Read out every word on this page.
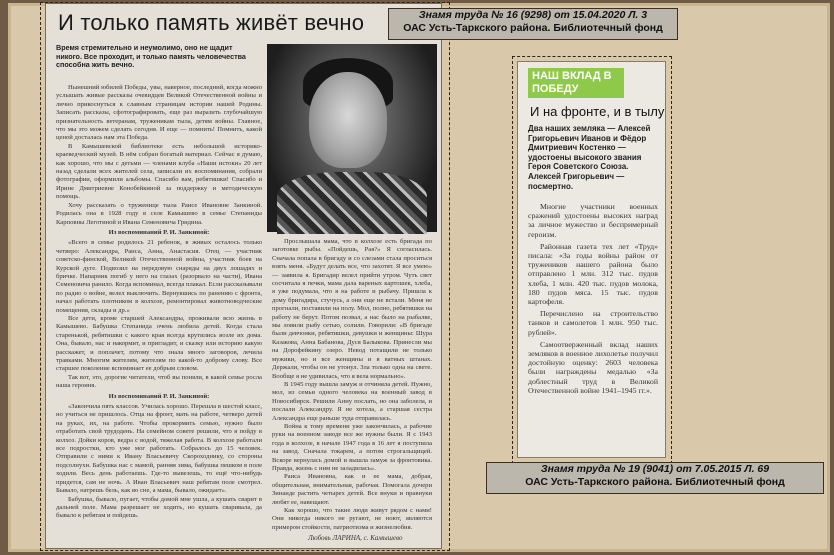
И только память живёт вечно
Время стремительно и неумолимо, оно не щадит никого. Все проходит, и только память человечества способна жить вечно.

Нынешний юбилей Победы, увы, наверное, последний, когда можно услышать живые рассказы очевидцев Великой Отечественной войны и лично прикоснуться к славным страницам истории нашей Родины. Записать рассказы, сфотографировать, еще раз выразить глубочайшую признательность ветеранам, труженикам тыла, детям войны. Главное, что мы это можем сделать сегодня. И еще — помнить! Помнить, какой ценой досталась нам эта Победа.

В Камышевской библиотеке есть небольшой историко-краеведческий музей. В нём собран богатый материал. Сейчас я думаю, как хорошо, что мы с детьми — членами клуба «Наши истоки» 20 лет назад сделали всех жителей села, записали их воспоминания, собрали фотографии, оформили альбомы. Спасибо вам, ребятишки! Спасибо и Ирине Дмитриевне Конобейкиной за поддержку и методическую помощь.

Хочу рассказать о труженице тыла Раисе Ивановне Занкиной. Родилась она в 1928 году в селе Камышево в семье Степаниды Карповны Леготиной и Ивана Семеновича Гридина.

Из воспоминаний Р. И. Занкиной:

«Всего в семье родилось 21 ребенок, в живых осталось только четверо: Александра, Раиса, Анна, Анастасия. Отец — участник советско-финской, Великой Отечественной войны, участник боев на Курской дуге. Подвозил на передовую снаряды на двух лошадях и бричке. Напарник погиб у него на глазах (разорвало на части), Ивана Семеновича ранило. Когда вспоминал, всегда плакал. Если рассказывали по радио о войне, велел выключить. Вернувшись по ранению с фронта, начал работать плотником в колхозе, ремонтировал животноводческие помещения, склады и др.»

Все дети, кроме старшей Александры, проживали всю жизнь в Камышево. Бабушка Степанида очень любила детей. Когда стала старенькой, ребятишки с какого края всегда крутились возле их дома. Она, бывало, нас и накормит, и пригладит, и сказку или историю какую расскажет, и поплачет, потому что знала много заговоров, лечила травками. Многим жителям, жителям по какой-то доброму слову. Все старшее поколение вспоминает ее добрым словом.

Так вот, это, дорогие читатели, чтоб вы поняли, в какой семье росла наша героиня.

Из воспоминаний Р. И. Занкиной:

«Закончила пять классов. Училась хорошо. Перешла в шестой класс, но учиться не пришлось. Отца на фронт, мать на работе, четверо детей на руках, их, на работе. Чтобы прокормить семью, нужно было отработать свой трудодень. На семейном совете решили, что я пойду в колхоз. Дойки коров, ведра с водой, тяжелая работа. В колхозе работали все подростки, кто уже мог работать. Собралось до 15 человек. Отправили с ними к Ивану Власьевичу Скороходнику, со стороны подсолнухи. Бабушка нас с мамой, ранняя зима, бабушка пешком в поле ходили. Весь день работаешь. Где-то вывезешь, то ещё что-нибудь придется, сам не ночь. А Иван Власьевич наш ребятам поле смотрел. Бывало, натрешь бель, как во сне, а мама, бывало, ожидает».

Бабушка, бывало, пугает, чтобы домой мне ушла, а кушать сварит в дальней поле. Мама разрешает не ходить, но кушать сваривала, да бывало к ребятам и пойдешь.

Прослышала мама, что в колхозе есть бригада по заготовке рыбы. «Пойдешь, Рая?» Я согласилась. Сначала попала в бригаду и со слезами стала проситься взять меня. «Будут делать все, что захотят. Я все умею» — заявила я. Бригадир велел прийти утром. Чуть свет сосчитала я печки, мама дала вареных картошек, хлеба, я уже подумала, что я на работе и рыбачу. Пришла к дому бригадира, стучусь, а они еще не встали. Меня не прогнали, поставили на полу. Мол, полно, ребятишки на работу не берут. Потом позвал, а нас было на рыбалке, мы ловили рыбу сетью, солили. Говорили: «В бригаде были девчонки, ребятишки, девушки и женщины: Шура Казакова, Анна Бабанова, Дуся Балыкова. Принесли мы на Дорофейкину озеро. Невод потащили не только мужики, но и все женщины и в ватных штанах. Держали, чтобы он не утонул. Зла только одна на свете. Вообще я не удивилась, что я вела нормально».

В 1945 году вышла замуж и отчиняла детей. Нужно, мол, из семьи одного человека на военный завод в Новосибирск. Решили Анну послать, но она заболела, и послали Александру. Я не хотела, а старшая сестра Александра еще раньше туда отправилась.

Война к тому времени уже закончилась, а рабочие руки на военном заводе все же нужны были. Я с 1943 года в колхозе, в начале 1947 года в 16 лет я поступила на завод. Сначала токарем, а потом строгальщицей. Вскоре вернулась домой и вышла замуж за фронтовика. Правда, жизнь с ним не заладилась».

Раиса Ивановна, как и ее мама, добрая, общительная, внимательная, рабочая. Помогала дочери Зинаиде растить четырех детей. Все внуки и правнуки любят ее, навещают.

Как хорошо, что такие люди живут рядом с нами! Они никогда никого не ругают, не ноют, являются примером стойкости, патриотизма и жизнелюбия.

Любовь ЛАРИНА, с. Камышево
Знамя труда № 16 (9298) от 15.04.2020 Л. 3
ОАС Усть-Таркского района. Библиотечный фонд
НАШ ВКЛАД В ПОБЕДУ
И на фронте, и в тылу
Два наших земляка — Алексей Григорьевич Иванов и Фёдор Дмитриевич Костенко — удостоены высокого звания Героя Советского Союза. Алексей Григорьевич — посмертно.

Многие участники военных сражений удостоены высоких наград за личное мужество и беспримерный героизм.

Районная газета тех лет «Труд» писала: «За годы войны район от тружеников нашего района было отправлено 1 млн. 312 тыс. пудов хлеба, 1 млн. 420 тыс. пудов молока, 180 пудов мяса. 15 тыс. пудов картофеля.

Перечислено на строительство танков и самолетов 1 млн. 950 тыс. рублей».

Самоотверженный вклад наших земляков в военное лихолетье получил достойную оценку: 2603 человека были награждены медалью «За доблестный труд в Великой Отечественной войне 1941–1945 гг.».

Знамя труда № 19 (9041) от 7.05.2015 Л. 69
ОАС Усть-Таркского района. Библиотечный фонд
